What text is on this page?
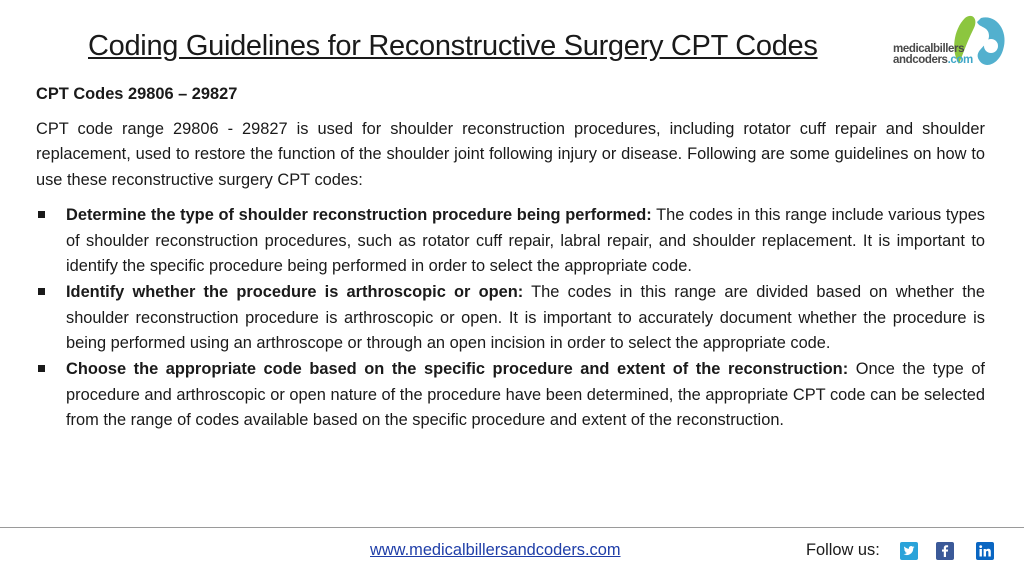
Coding Guidelines for Reconstructive Surgery CPT Codes	medicalbillers
andcoders.com

CPT Codes 29806 – 29827

CPT code range 29806 - 29827 is used for shoulder reconstruction procedures, including rotator cuff repair and shoulder replacement, used to restore the function of the shoulder joint following injury or disease. Following are some guidelines on how to use these reconstructive surgery CPT codes:

Determine the type of shoulder reconstruction procedure being performed: The codes in this range include various types of shoulder reconstruction procedures, such as rotator cuff repair, labral repair, and shoulder replacement. It is important to identify the specific procedure being performed in order to select the appropriate code.
Identify whether the procedure is arthroscopic or open: The codes in this range are divided based on whether the shoulder reconstruction procedure is arthroscopic or open. It is important to accurately document whether the procedure is being performed using an arthroscope or through an open incision in order to select the appropriate code.
Choose the appropriate code based on the specific procedure and extent of the reconstruction: Once the type of procedure and arthroscopic or open nature of the procedure have been determined, the appropriate CPT code can be selected from the range of codes available based on the specific procedure and extent of the reconstruction.
www.medicalbillersandcoders.com	Follow us:
